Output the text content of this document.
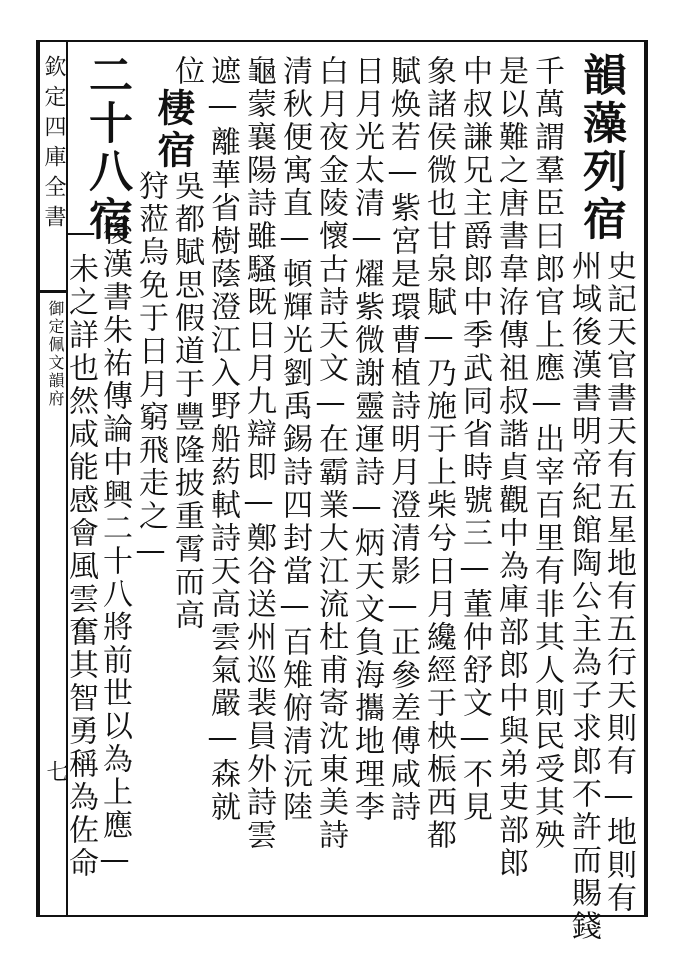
欽定四庫全書
御定佩文韻府
七
韻藻列宿
史記天官書天有五星地有五行天則有—地則有
州域後漢書明帝紀館陶公主為子求郎不許而賜錢
千萬謂羣臣曰郎官上應—出宰百里有非其人則民受其殃
是以難之唐書韋洊傳祖叔諧貞觀中為庫部郎中與弟吏部郎
中叔謙兄主爵郎中季武同省時號三—董仲舒文—不見
象諸侯微也甘泉賦—乃施于上柴兮日月纔經于柍桭西都
賦焕若—紫宮是環曹植詩明月澄清影—正參差傅咸詩
日月光太清—燿紫微謝靈運詩—炳天文負海攜地理李
白月夜金陵懷古詩天文—在霸業大江流杜甫寄沈東美詩
清秋便寓直—頓輝光劉禹錫詩四封當—百雉俯清沅陸
龜蒙襄陽詩雖騷既日月九辯即—鄭谷送州巡裴員外詩雲
遮—離華省樹蔭澄江入野船葯軾詩天高雲氣嚴—森就
位
棲宿
吳都賦思假道于豐隆披重霄而高
狩蒞烏免于日月窮飛走之—
二十八宿
後漢書朱祐傳論中興二十八將前世以為上應—
—未之詳也然咸能感會風雲奮其智勇稱為佐命
